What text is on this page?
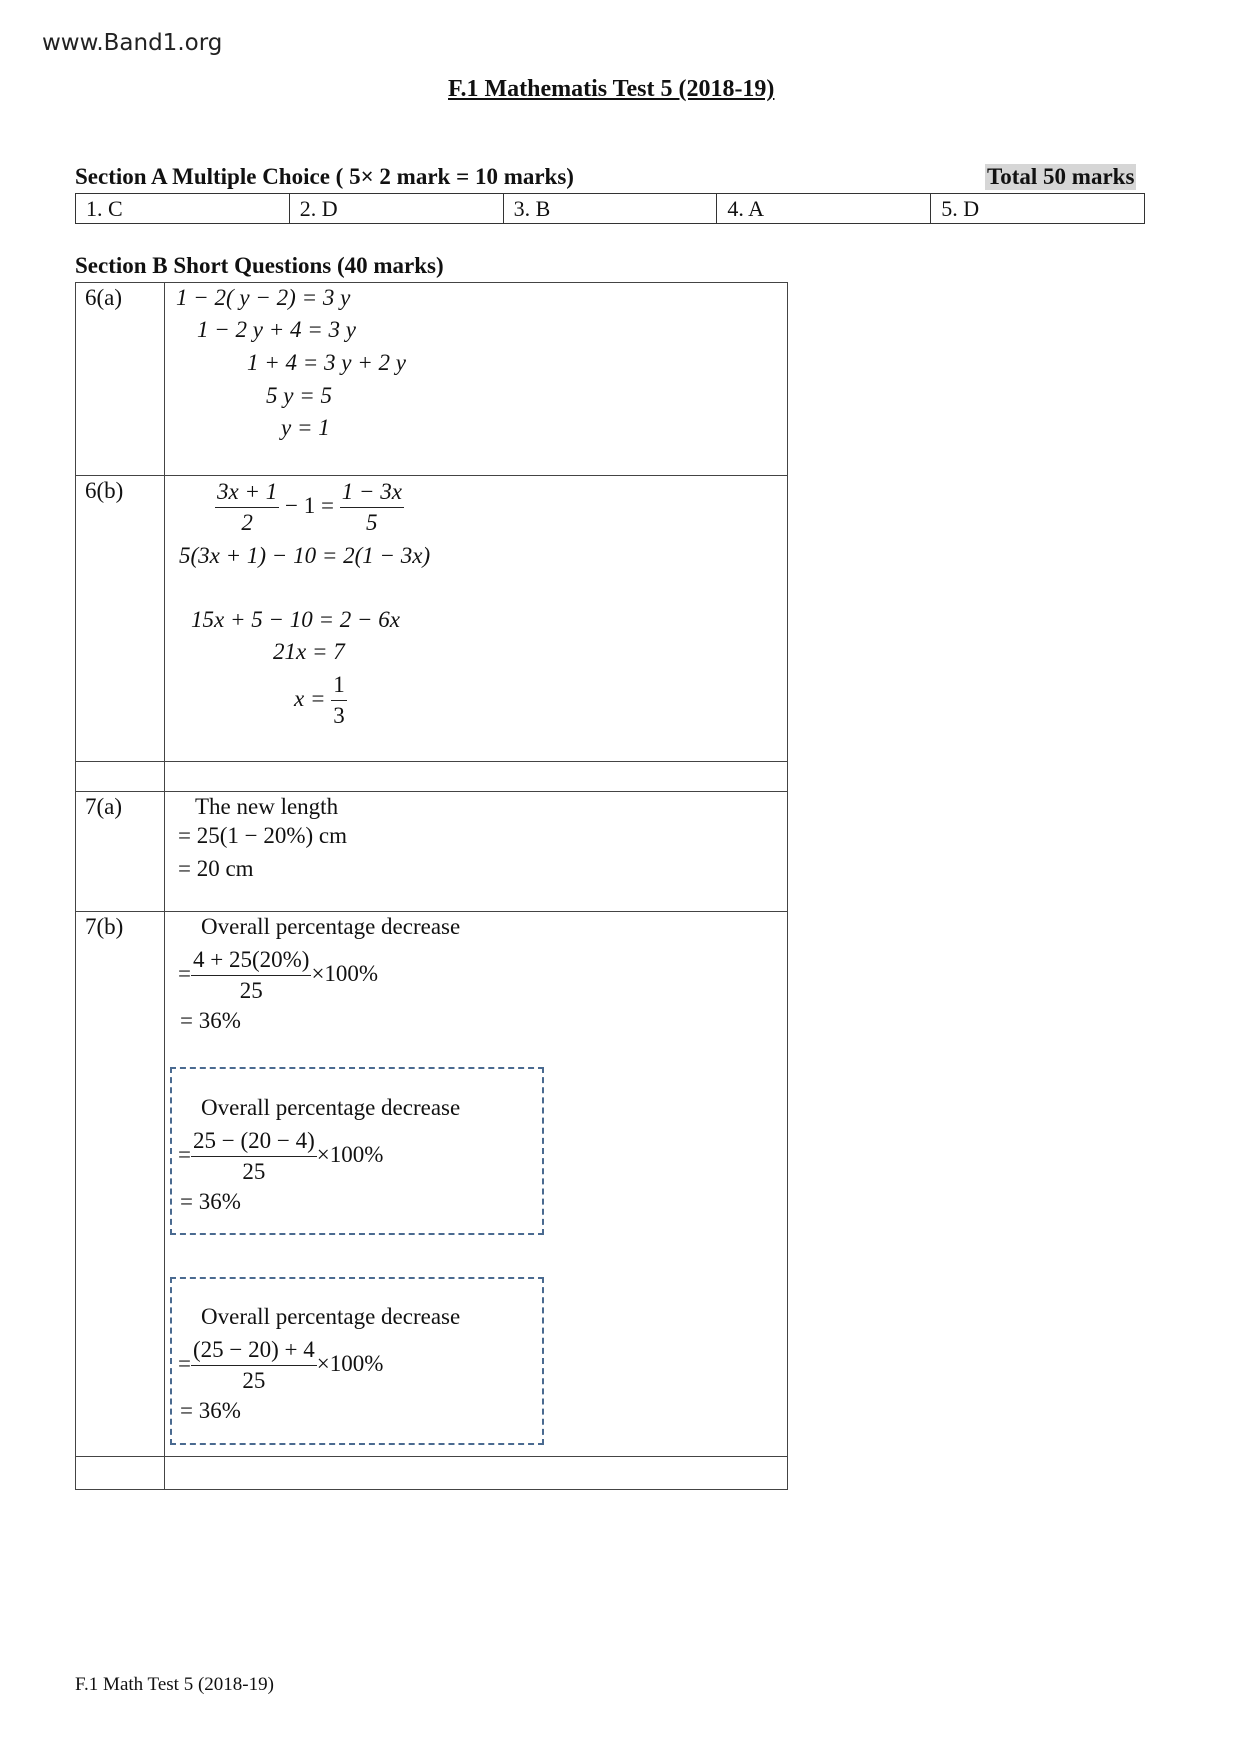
www.Band1.org
F.1 Mathematis Test 5 (2018-19)
Section A Multiple Choice ( 5× 2 mark = 10 marks)	Total 50 marks
1. C	2. D	3. B	4. A	5. D
Section B Short Questions (40 marks)
6(a) 1 − 2( y − 2) = 3 y
1 − 2 y + 4 = 3 y
1 + 4 = 3 y + 2 y
5 y = 5
y = 1
6(b)	$\frac{3x + 1}{2} - 1 = \frac{1 - 3x}{5}$
5(3x + 1) − 10 = 2(1 − 3x)
15x + 5 − 10 = 2 − 6x
21x = 7
$x = \frac{1}{3}$
7(a)	The new length
= 25(1 − 20%) cm
= 20 cm
7(b)	Overall percentage decrease
= $\frac{4 + 25(20\%)}{25} \times 100\%$
= 36%
Overall percentage decrease
= $\frac{25 - (20 - 4)}{25} \times 100\%$
= 36%
Overall percentage decrease
= $\frac{(25 - 20) + 4}{25} \times 100\%$
= 36%
F.1 Math Test 5 (2018-19)
